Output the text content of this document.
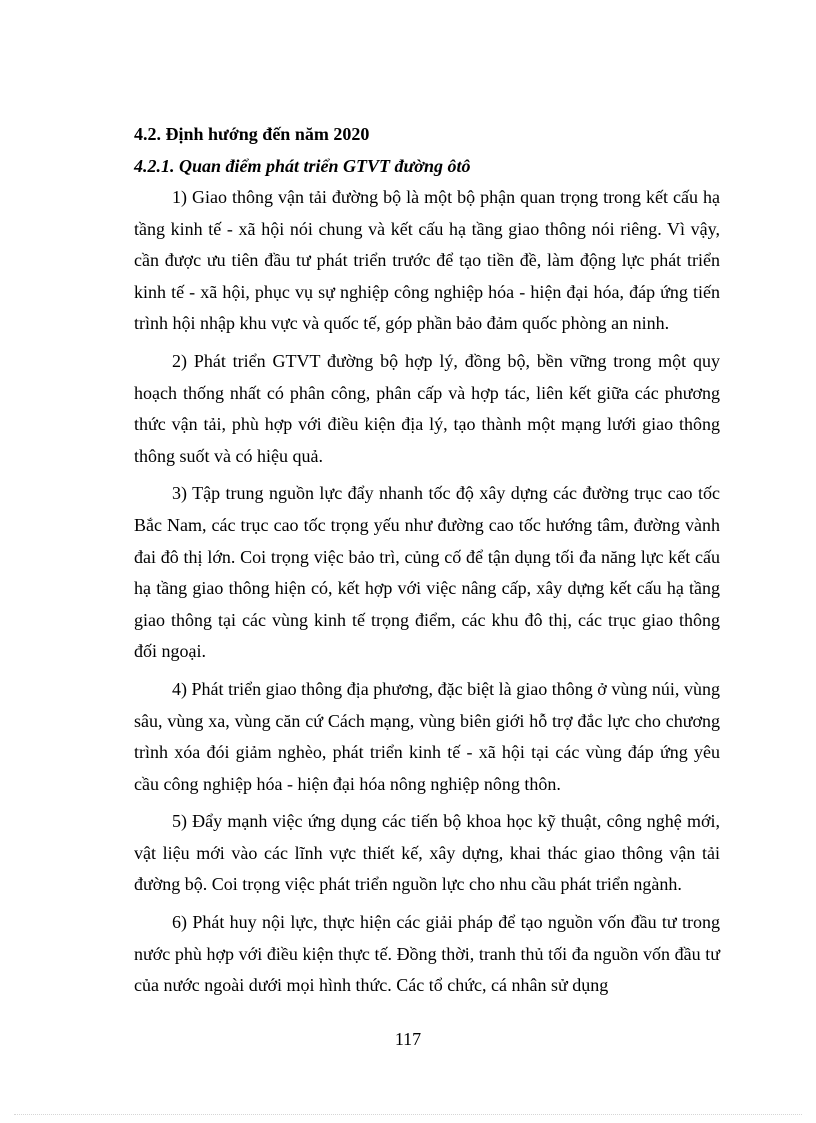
4.2. Định hướng đến năm 2020
4.2.1. Quan điểm phát triển GTVT đường ôtô

1) Giao thông vận tải đường bộ là một bộ phận quan trọng trong kết cấu hạ tầng kinh tế - xã hội nói chung và kết cấu hạ tầng giao thông nói riêng. Vì vậy, cần được ưu tiên đầu tư phát triển trước để tạo tiền đề, làm động lực phát triển kinh tế - xã hội, phục vụ sự nghiệp công nghiệp hóa - hiện đại hóa, đáp ứng tiến trình hội nhập khu vực và quốc tế, góp phần bảo đảm quốc phòng an ninh.

2) Phát triển GTVT đường bộ hợp lý, đồng bộ, bền vững trong một quy hoạch thống nhất có phân công, phân cấp và hợp tác, liên kết giữa các phương thức vận tải, phù hợp với điều kiện địa lý, tạo thành một mạng lưới giao thông thông suốt và có hiệu quả.

3) Tập trung nguồn lực đẩy nhanh tốc độ xây dựng các đường trục cao tốc Bắc Nam, các trục cao tốc trọng yếu như đường cao tốc hướng tâm, đường vành đai đô thị lớn. Coi trọng việc bảo trì, củng cố để tận dụng tối đa năng lực kết cấu hạ tầng giao thông hiện có, kết hợp với việc nâng cấp, xây dựng kết cấu hạ tầng giao thông tại các vùng kinh tế trọng điểm, các khu đô thị, các trục giao thông đối ngoại.

4) Phát triển giao thông địa phương, đặc biệt là giao thông ở vùng núi, vùng sâu, vùng xa, vùng căn cứ Cách mạng, vùng biên giới hỗ trợ đắc lực cho chương trình xóa đói giảm nghèo, phát triển kinh tế - xã hội tại các vùng đáp ứng yêu cầu công nghiệp hóa - hiện đại hóa nông nghiệp nông thôn.

5) Đẩy mạnh việc ứng dụng các tiến bộ khoa học kỹ thuật, công nghệ mới, vật liệu mới vào các lĩnh vực thiết kế, xây dựng, khai thác giao thông vận tải đường bộ. Coi trọng việc phát triển nguồn lực cho nhu cầu phát triển ngành.

6) Phát huy nội lực, thực hiện các giải pháp để tạo nguồn vốn đầu tư trong nước phù hợp với điều kiện thực tế. Đồng thời, tranh thủ tối đa nguồn vốn đầu tư của nước ngoài dưới mọi hình thức. Các tổ chức, cá nhân sử dụng

117
